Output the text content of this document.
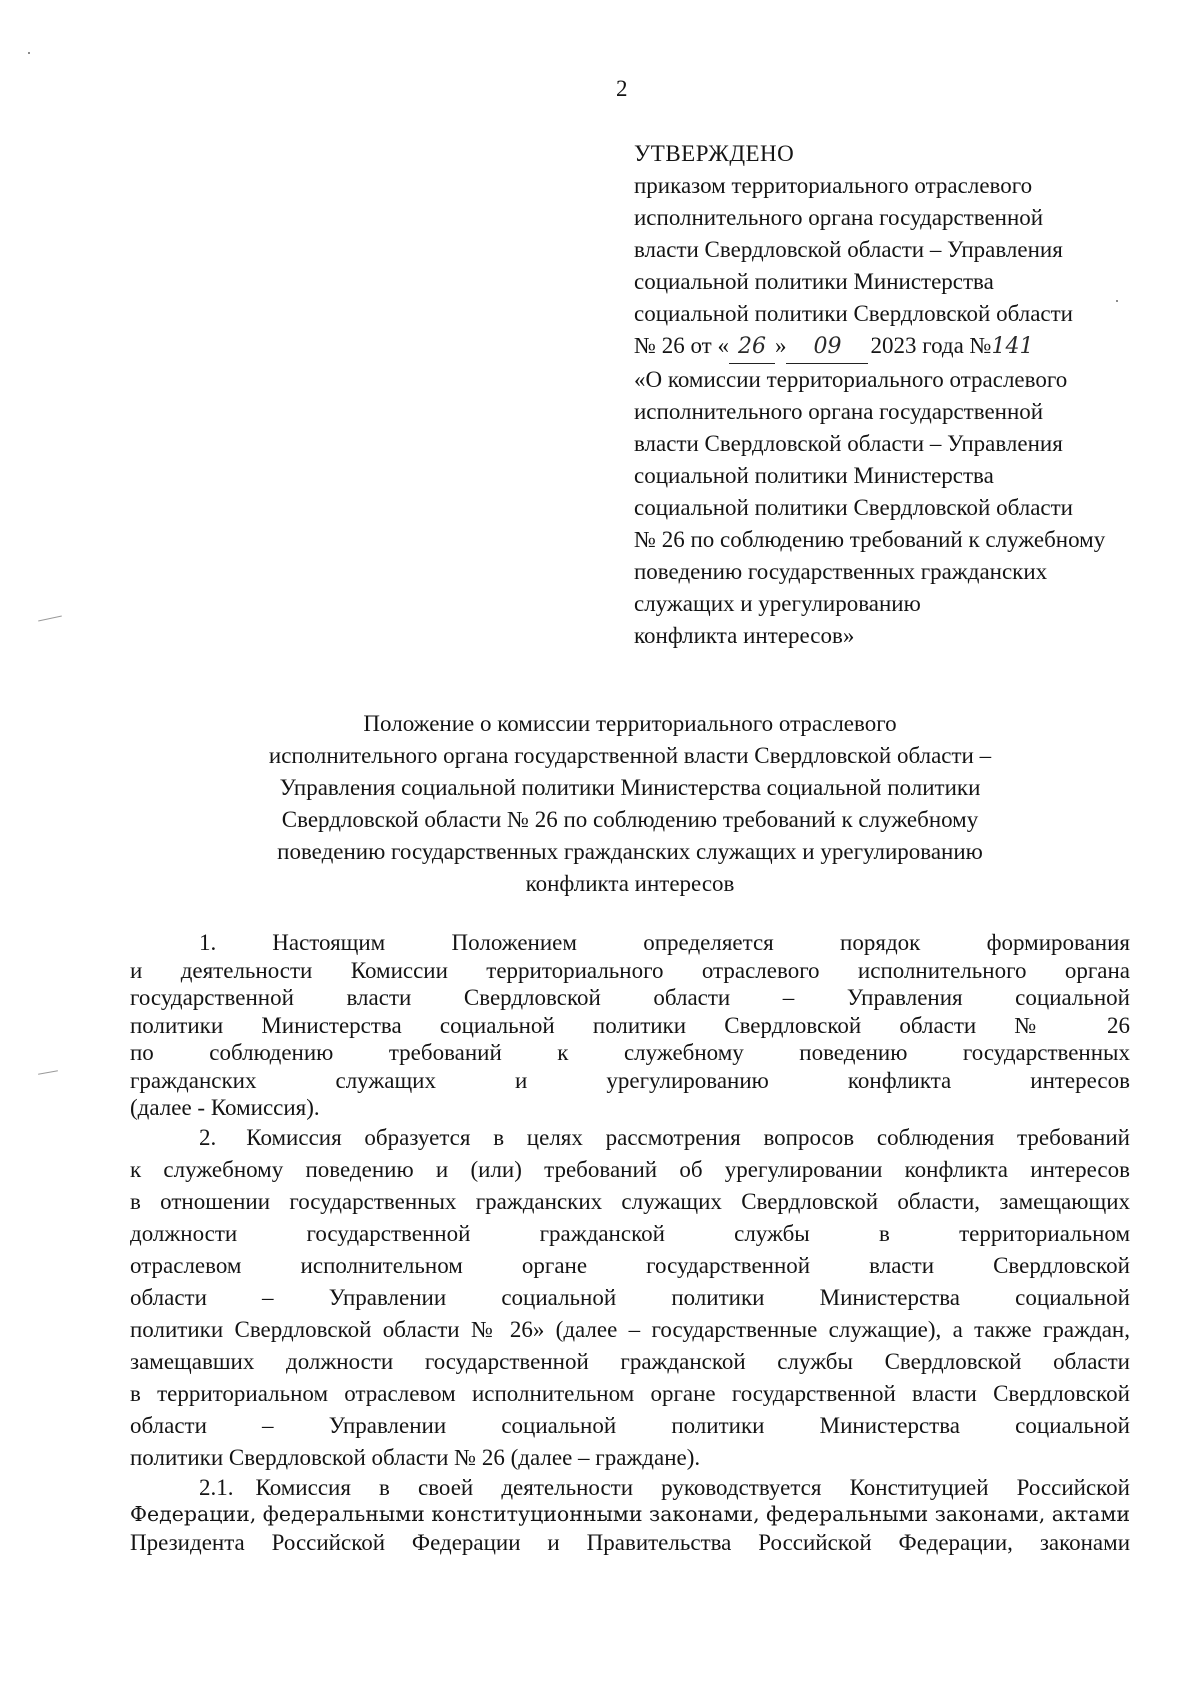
2
УТВЕРЖДЕНО
приказом территориального отраслевого
исполнительного органа государственной
власти Свердловской области – Управления
социальной политики Министерства
социальной политики Свердловской области
№ 26 от « 26 » 09 2023 года №141
«О комиссии территориального отраслевого
исполнительного органа государственной
власти Свердловской области – Управления
социальной политики Министерства
социальной политики Свердловской области
№ 26 по соблюдению требований к служебному
поведению государственных гражданских
служащих и урегулированию
конфликта интересов»
Положение о комиссии территориального отраслевого
исполнительного органа государственной власти Свердловской области –
Управления социальной политики Министерства социальной политики
Свердловской области № 26 по соблюдению требований к служебному
поведению государственных гражданских служащих и урегулированию
конфликта интересов
1. Настоящим Положением определяется порядок формирования
и деятельности Комиссии территориального отраслевого исполнительного органа
государственной власти Свердловской области – Управления социальной
политики Министерства социальной политики Свердловской области № 26
по соблюдению требований к служебному поведению государственных
гражданских служащих и урегулированию конфликта интересов
(далее - Комиссия).
2. Комиссия образуется в целях рассмотрения вопросов соблюдения требований
к служебному поведению и (или) требований об урегулировании конфликта интересов
в отношении государственных гражданских служащих Свердловской области, замещающих
должности государственной гражданской службы в территориальном
отраслевом исполнительном органе государственной власти Свердловской
области – Управлении социальной политики Министерства социальной
политики Свердловской области № 26» (далее – государственные служащие), а также граждан,
замещавших должности государственной гражданской службы Свердловской области
в территориальном отраслевом исполнительном органе государственной власти Свердловской
области – Управлении социальной политики Министерства социальной
политики Свердловской области № 26 (далее – граждане).
2.1. Комиссия в своей деятельности руководствуется Конституцией Российской
Федерации, федеральными конституционными законами, федеральными законами, актами
Президента Российской Федерации и Правительства Российской Федерации, законами
